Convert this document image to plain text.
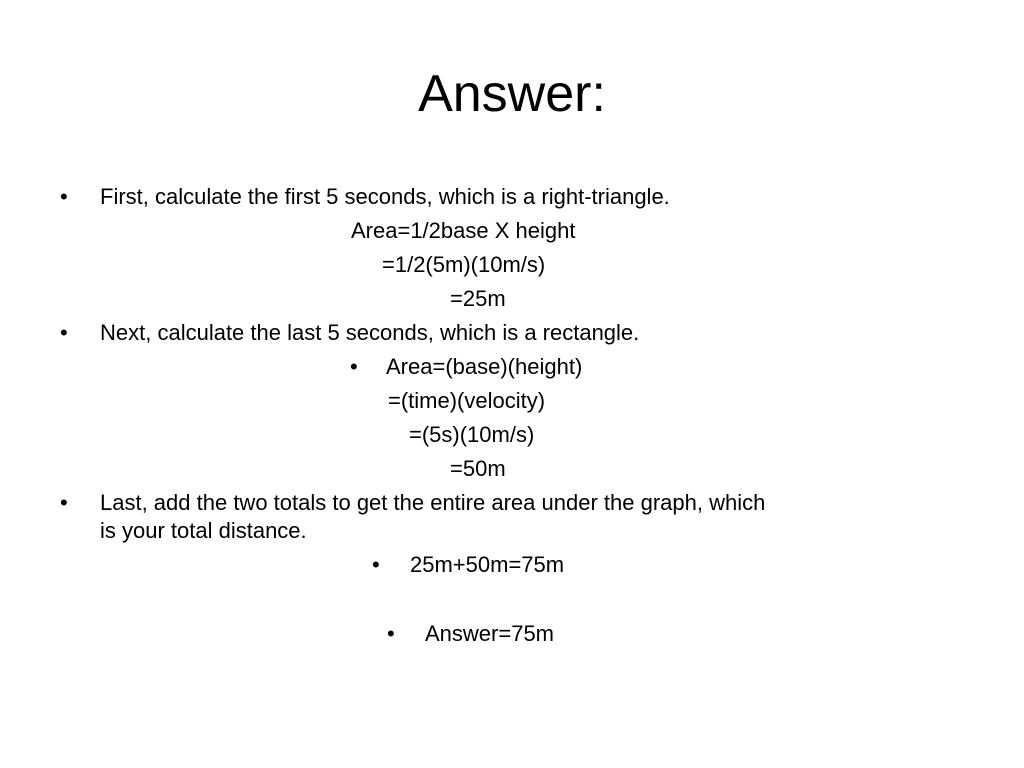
Answer:
• First, calculate the first 5 seconds, which is a right-triangle.
Area=1/2base X height
=1/2(5m)(10m/s)
=25m
• Next, calculate the last 5 seconds, which is a rectangle.
• Area=(base)(height)
=(time)(velocity)
=(5s)(10m/s)
=50m
• Last, add the two totals to get the entire area under the graph, which
is your total distance.
• 25m+50m=75m
• Answer=75m
